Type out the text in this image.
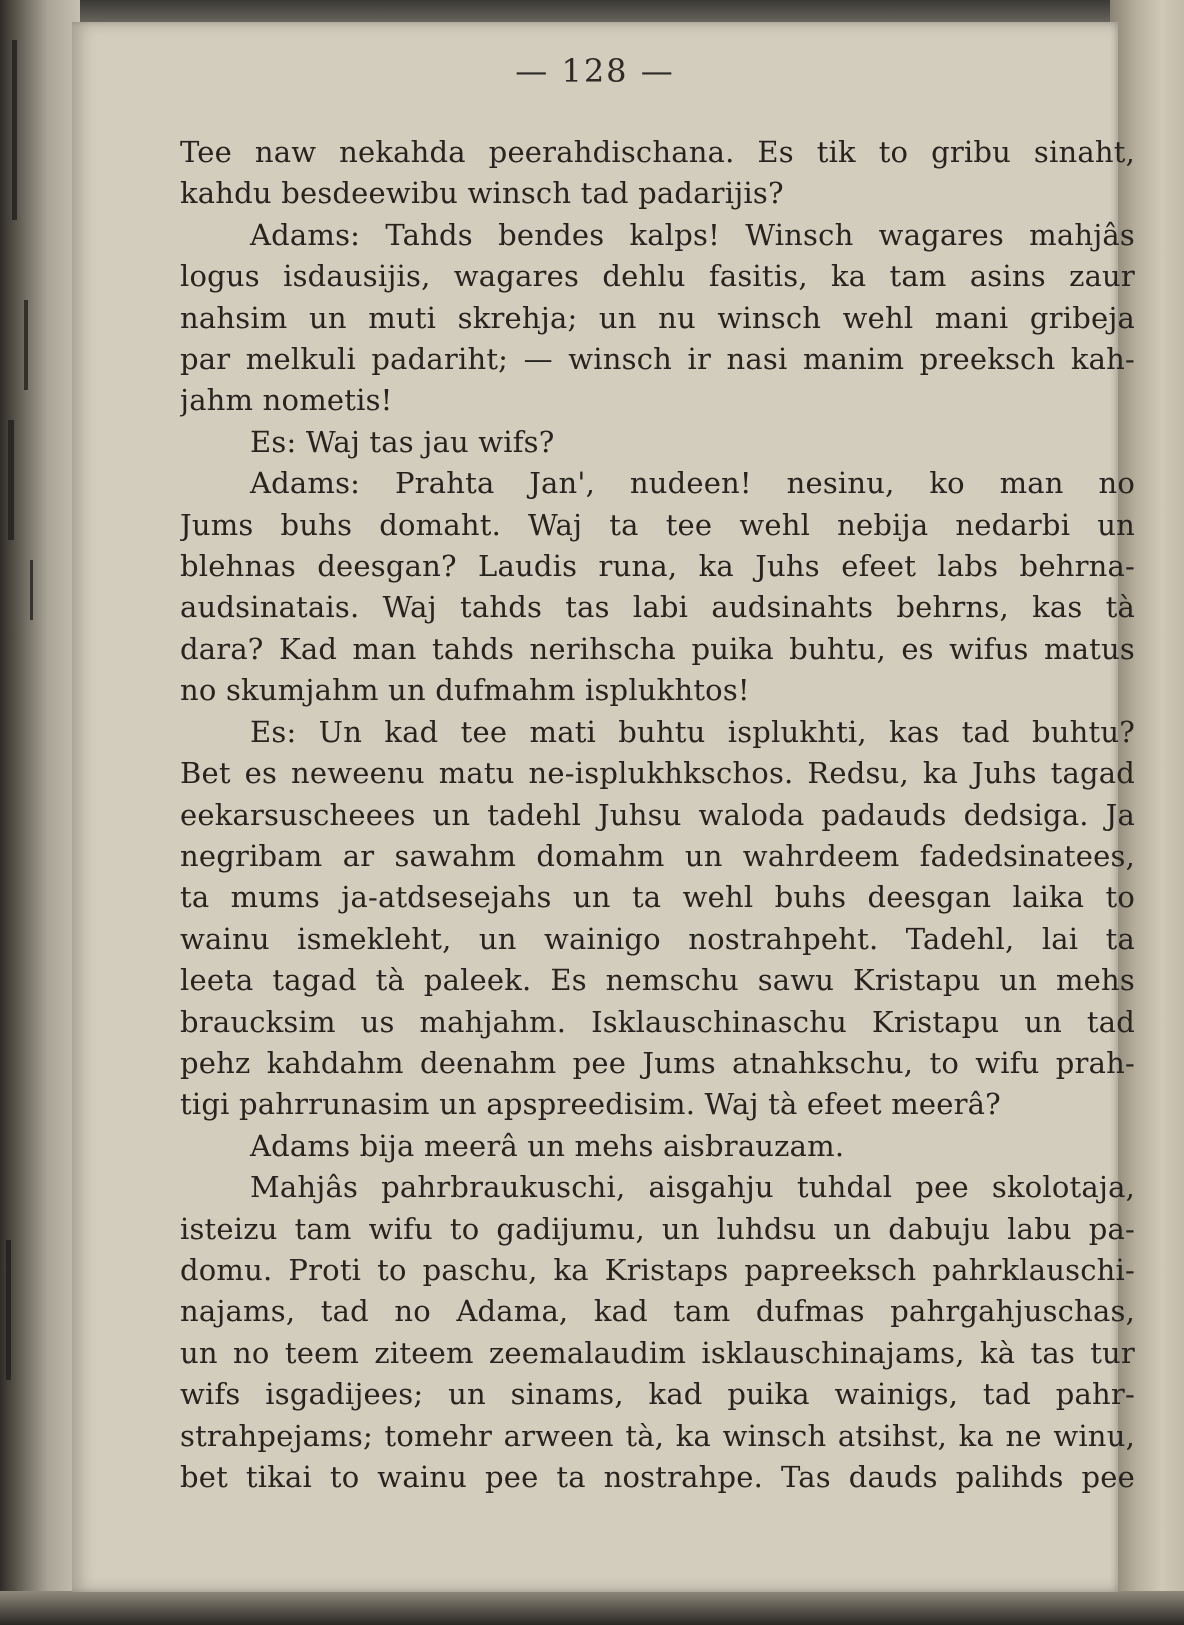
— 128 —
Tee naw nekahda peerahdischana. Es tik to gribu sinaht,
kahdu besdeewibu winsch tad padarijis?
Adams: Tahds bendes kalps! Winsch wagares mahjâs
logus isdausijis, wagares dehlu fasitis, ka tam asins zaur
nahsim un muti skrehja; un nu winsch wehl mani gribeja
par melkuli padariht; — winsch ir nasi manim preeksch kah-
jahm nometis!
Es: Waj tas jau wifs?
Adams: Prahta Jan', nudeen! nesinu, ko man no
Jums buhs domaht. Waj ta tee wehl nebija nedarbi un
blehnas deesgan? Laudis runa, ka Juhs efeet labs behrna-
audsinatais. Waj tahds tas labi audsinahts behrns, kas tà
dara? Kad man tahds nerihscha puika buhtu, es wifus matus
no skumjahm un dufmahm isplukhtos!
Es: Un kad tee mati buhtu isplukhti, kas tad buhtu?
Bet es neweenu matu ne-isplukhkschos. Redsu, ka Juhs tagad
eekarsuscheees un tadehl Juhsu waloda padauds dedsiga. Ja
negribam ar sawahm domahm un wahrdeem fadedsinatees,
ta mums ja-atdsesejahs un ta wehl buhs deesgan laika to
wainu ismekleht, un wainigo nostrahpeht. Tadehl, lai ta
leeta tagad tà paleek. Es nemschu sawu Kristapu un mehs
braucksim us mahjahm. Isklauschinaschu Kristapu un tad
pehz kahdahm deenahm pee Jums atnahkschu, to wifu prah-
tigi pahrrunasim un apspreedisim. Waj tà efeet meerâ?
Adams bija meerâ un mehs aisbrauzam.
Mahjâs pahrbraukuschi, aisgahju tuhdal pee skolotaja,
isteizu tam wifu to gadijumu, un luhdsu un dabuju labu pa-
domu. Proti to paschu, ka Kristaps papreeksch pahrklauschi-
najams, tad no Adama, kad tam dufmas pahrgahjuschas,
un no teem ziteem zeemalaudim isklauschinajams, kà tas tur
wifs isgadijees; un sinams, kad puika wainigs, tad pahr-
strahpejams; tomehr arween tà, ka winsch atsihst, ka ne winu,
bet tikai to wainu pee ta nostrahpe. Tas dauds palihds pee
